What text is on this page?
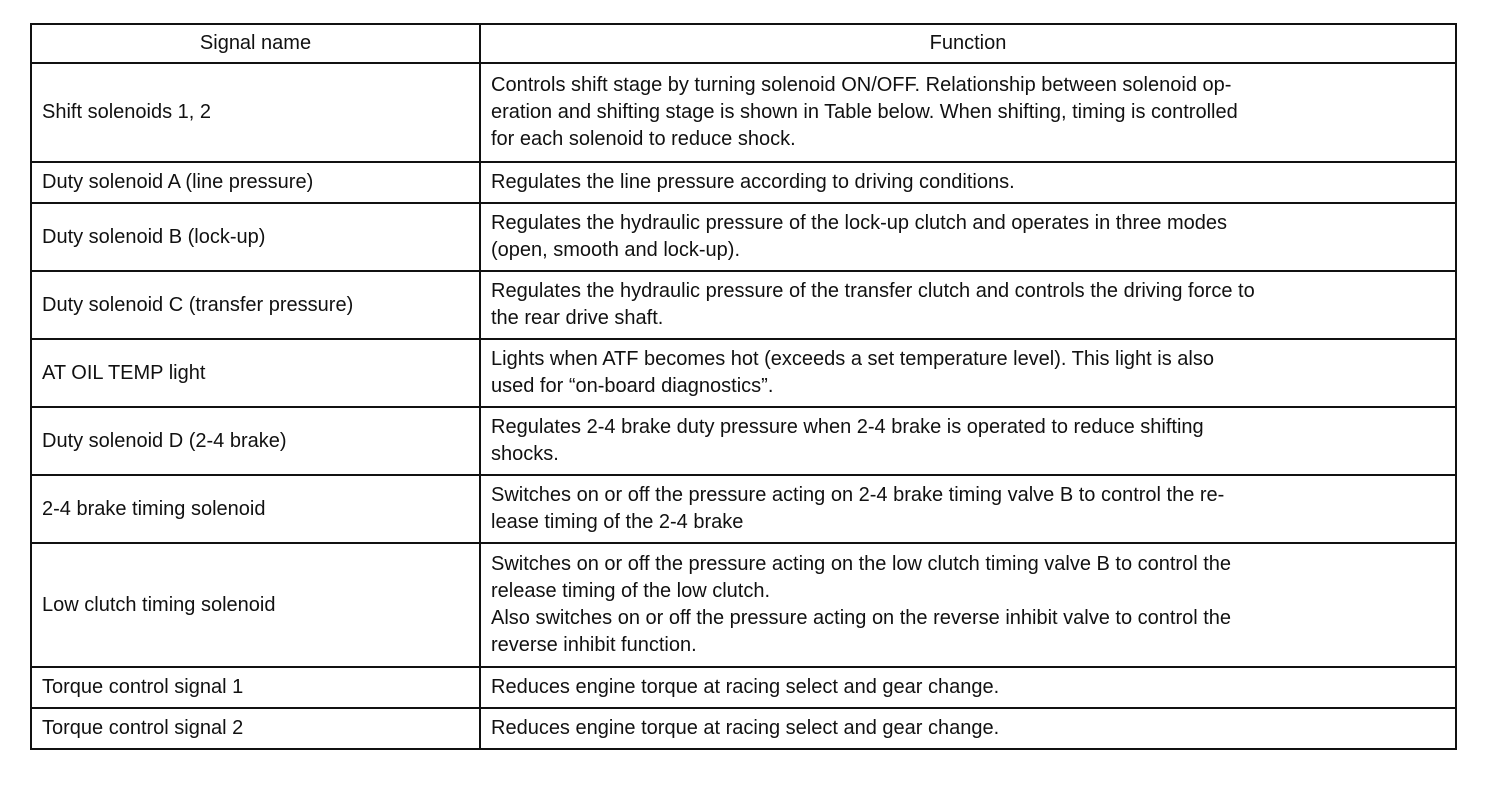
Signal name	Function
Shift solenoids 1, 2	Controls shift stage by turning solenoid ON/OFF. Relationship between solenoid op-
eration and shifting stage is shown in Table below. When shifting, timing is controlled
for each solenoid to reduce shock.

Duty solenoid A (line pressure)	Regulates the line pressure according to driving conditions.

Duty solenoid B (lock-up)	Regulates the hydraulic pressure of the lock-up clutch and operates in three modes
(open, smooth and lock-up).

Duty solenoid C (transfer pressure)	Regulates the hydraulic pressure of the transfer clutch and controls the driving force to
the rear drive shaft.

AT OIL TEMP light	Lights when ATF becomes hot (exceeds a set temperature level). This light is also
used for “on-board diagnostics”.

Duty solenoid D (2-4 brake)	Regulates 2-4 brake duty pressure when 2-4 brake is operated to reduce shifting
shocks.

2-4 brake timing solenoid	Switches on or off the pressure acting on 2-4 brake timing valve B to control the re-
lease timing of the 2-4 brake

Low clutch timing solenoid	Switches on or off the pressure acting on the low clutch timing valve B to control the
release timing of the low clutch.
Also switches on or off the pressure acting on the reverse inhibit valve to control the
reverse inhibit function.

Torque control signal 1	Reduces engine torque at racing select and gear change.

Torque control signal 2	Reduces engine torque at racing select and gear change.
